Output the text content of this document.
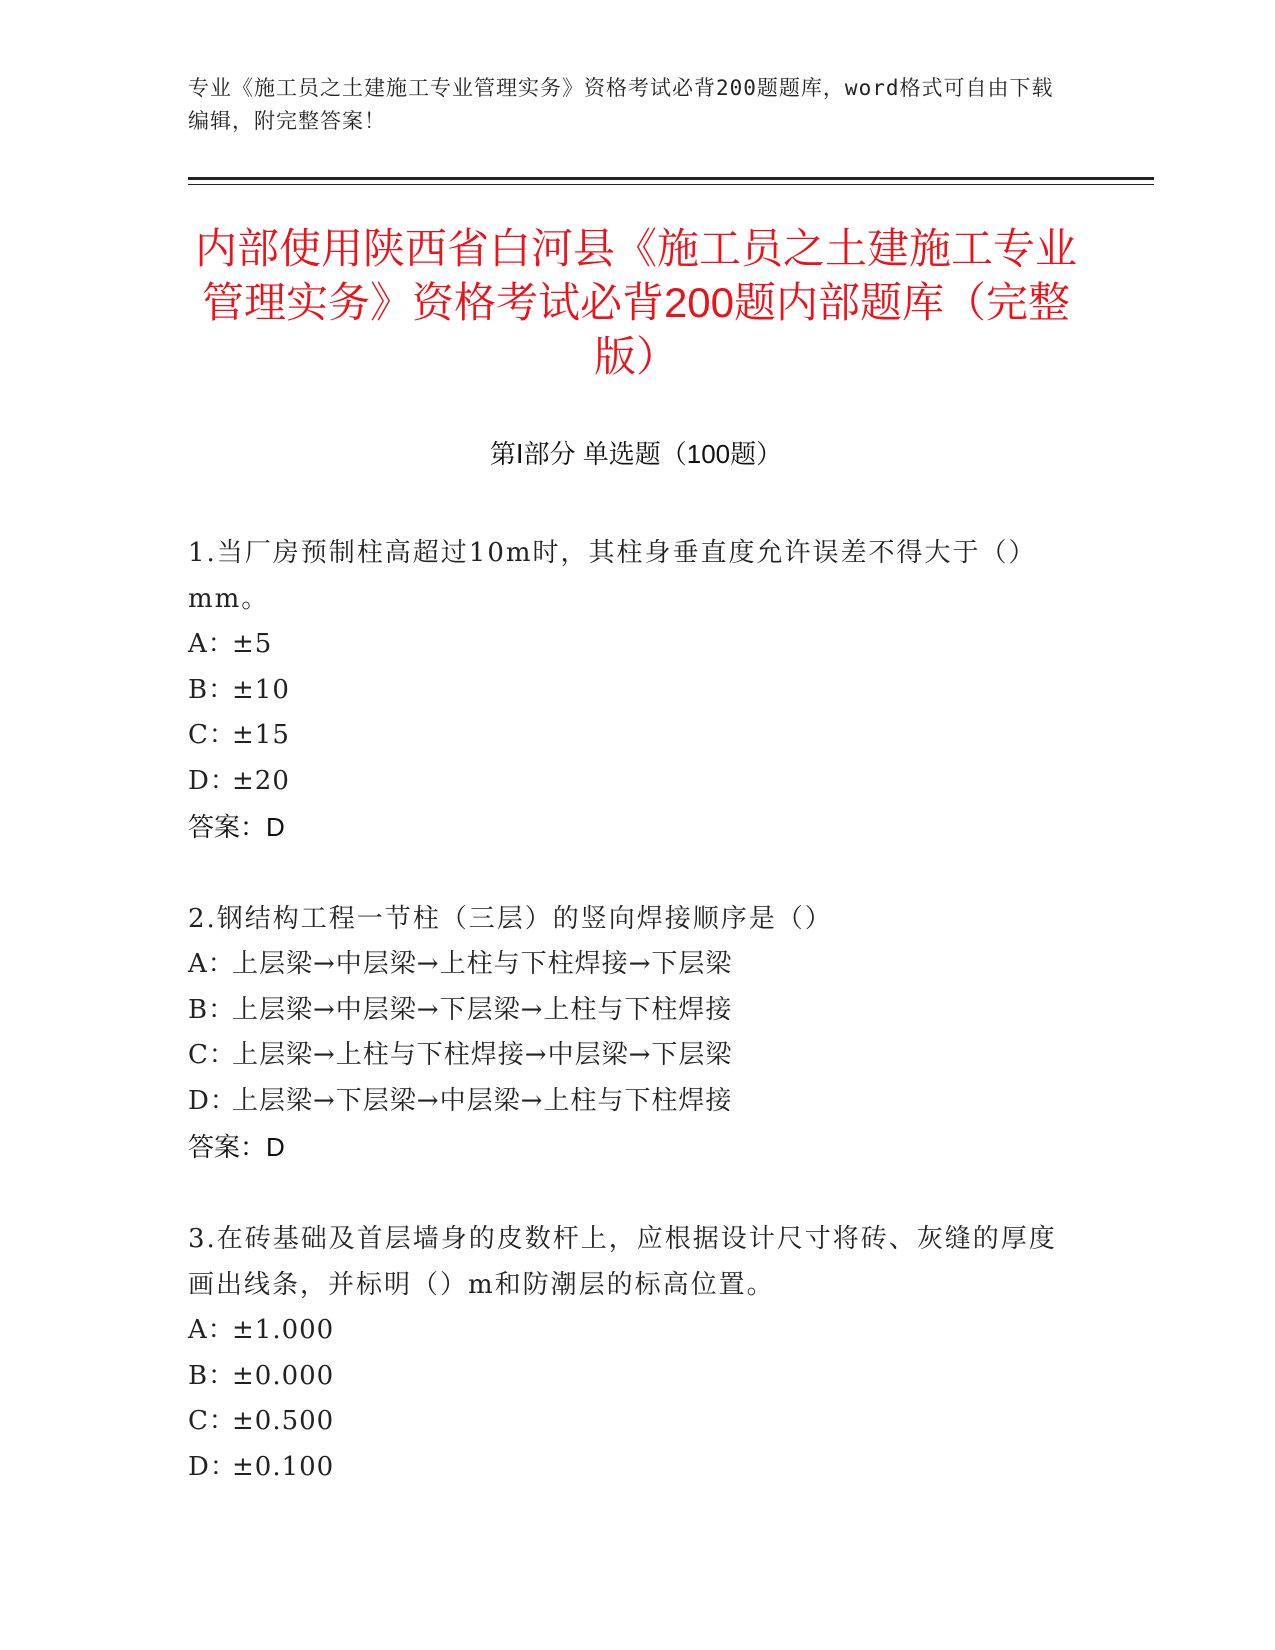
专业《施工员之土建施工专业管理实务》资格考试必背200题题库，word格式可自由下载编辑，附完整答案！
内部使用陕西省白河县《施工员之土建施工专业管理实务》资格考试必背200题内部题库（完整版）
第Ⅰ部分 单选题（100题）
1.当厂房预制柱高超过10m时，其柱身垂直度允许误差不得大于（）mm。
A：±5
B：±10
C：±15
D：±20
答案：D
2.钢结构工程一节柱（三层）的竖向焊接顺序是（）
A：上层梁→中层梁→上柱与下柱焊接→下层梁
B：上层梁→中层梁→下层梁→上柱与下柱焊接
C：上层梁→上柱与下柱焊接→中层梁→下层梁
D：上层梁→下层梁→中层梁→上柱与下柱焊接
答案：D
3.在砖基础及首层墙身的皮数杆上，应根据设计尺寸将砖、灰缝的厚度画出线条，并标明（）m和防潮层的标高位置。
A：±1.000
B：±0.000
C：±0.500
D：±0.100
